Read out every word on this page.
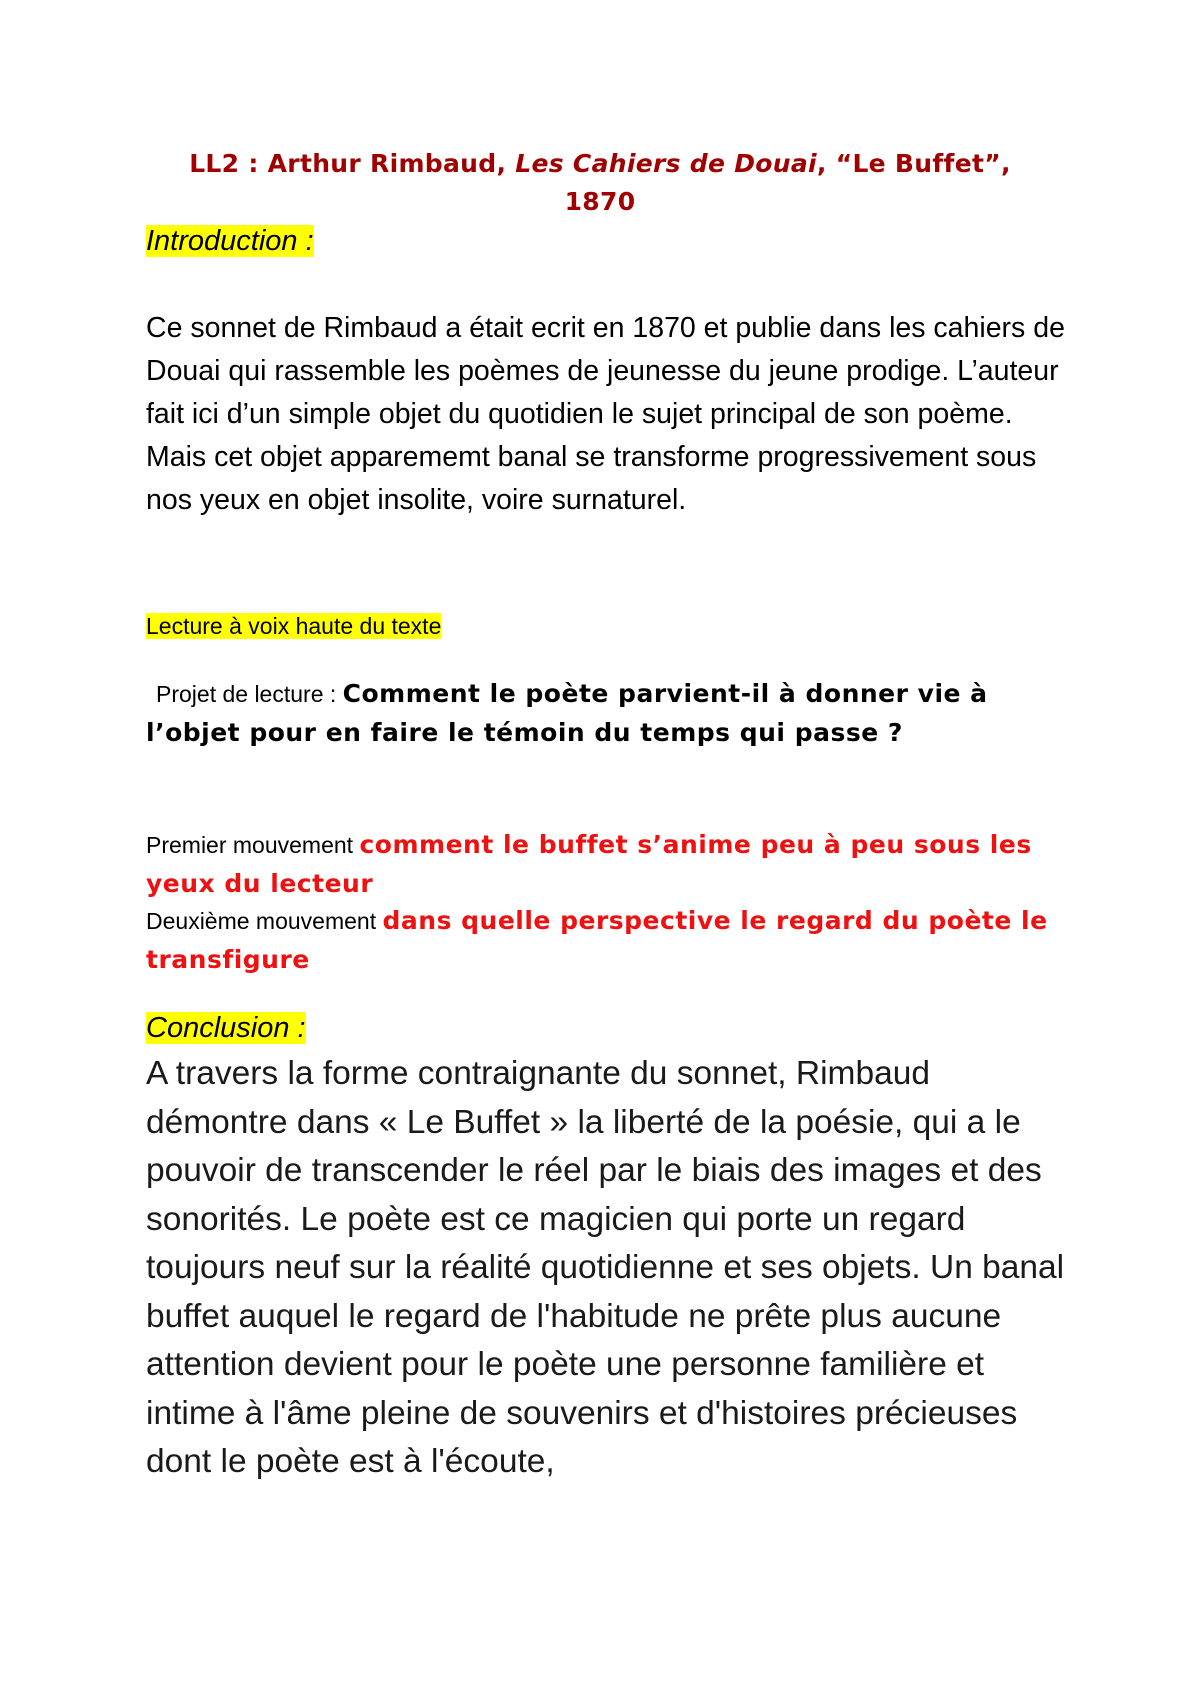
LL2 : Arthur Rimbaud, Les Cahiers de Douai, “Le Buffet”,
1870
Introduction :
Ce sonnet de Rimbaud a était ecrit en 1870 et publie dans les cahiers de Douai qui rassemble les poèmes de jeunesse du jeune prodige. L’auteur fait ici d’un simple objet du quotidien le sujet principal de son poème. Mais cet objet apparememt banal se transforme progressivement sous nos yeux en objet insolite, voire surnaturel.
Lecture à voix haute du texte
Projet de lecture : Comment le poète parvient-il à donner vie à l’objet pour en faire le témoin du temps qui passe ?
Premier mouvement comment le buffet s’anime peu à peu sous les yeux du lecteur
Deuxième mouvement dans quelle perspective le regard du poète le transfigure
Conclusion :
A travers la forme contraignante du sonnet, Rimbaud démontre dans « Le Buffet » la liberté de la poésie, qui a le pouvoir de transcender le réel par le biais des images et des sonorités. Le poète est ce magicien qui porte un regard toujours neuf sur la réalité quotidienne et ses objets. Un banal buffet auquel le regard de l'habitude ne prête plus aucune attention devient pour le poète une personne familière et intime à l'âme pleine de souvenirs et d'histoires précieuses dont le poète est à l'écoute,
